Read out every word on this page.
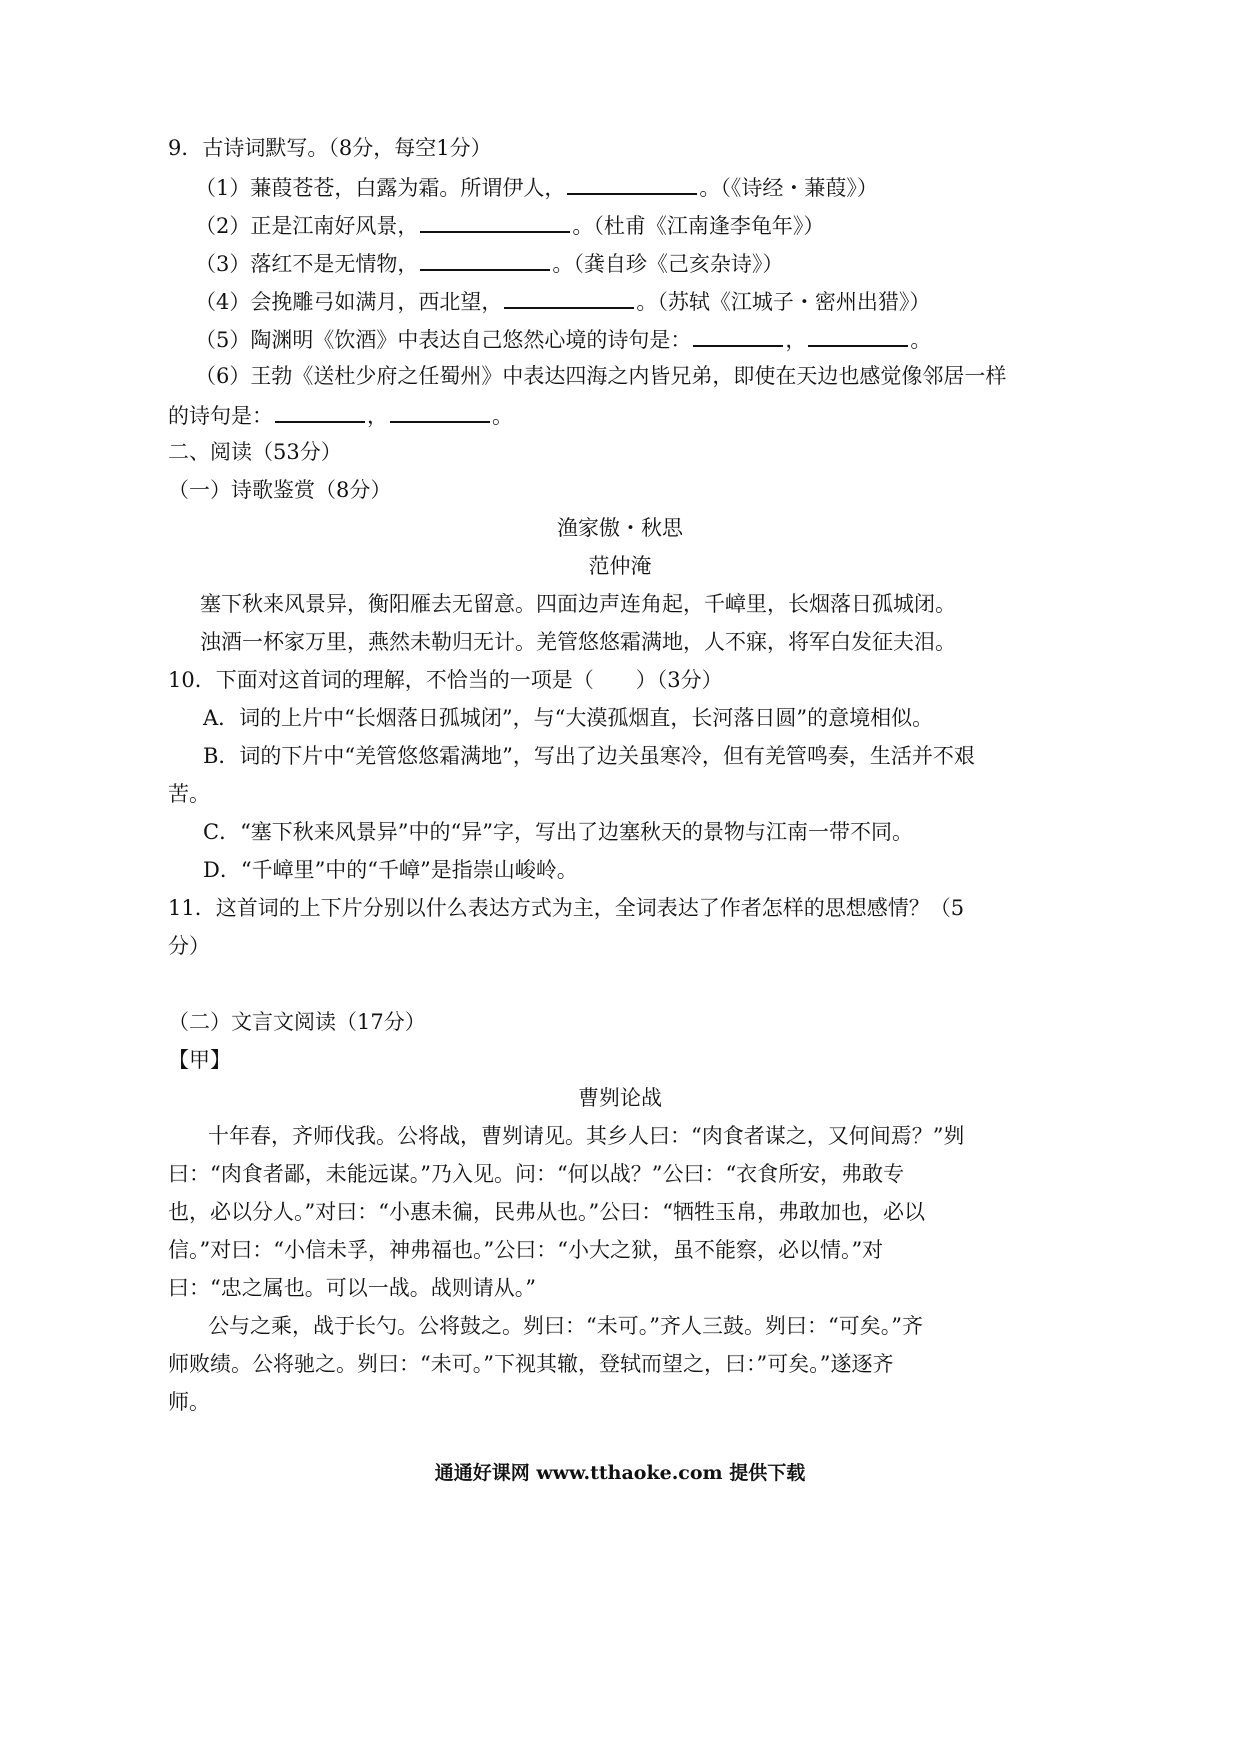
9．古诗词默写。（8分，每空1分）
（1）蒹葭苍苍，白露为霜。所谓伊人，	。（《诗经・蒹葭》）
（2）正是江南好风景，	。（杜甫《江南逢李龟年》）
（3）落红不是无情物，	。（龚自珍《己亥杂诗》）
（4）会挽雕弓如满月，西北望，	。（苏轼《江城子・密州出猎》）
（5）陶渊明《饮酒》中表达自己悠然心境的诗句是：	，	。
（6）王勃《送杜少府之任蜀州》中表达四海之内皆兄弟，即使在天边也感觉像邻居一样
的诗句是：	，	。
二、阅读（53分）
（一）诗歌鉴赏（8分）
渔家傲・秋思
范仲淹
塞下秋来风景异，衡阳雁去无留意。四面边声连角起，千嶂里，长烟落日孤城闭。
浊酒一杯家万里，燕然未勒归无计。羌管悠悠霜满地，人不寐，将军白发征夫泪。
10．下面对这首词的理解，不恰当的一项是（　　）（3分）
A．词的上片中“长烟落日孤城闭”，与“大漠孤烟直，长河落日圆”的意境相似。
B．词的下片中“羌管悠悠霜满地”，写出了边关虽寒冷，但有羌管鸣奏，生活并不艰
苦。
C．“塞下秋来风景异”中的“异”字，写出了边塞秋天的景物与江南一带不同。
D．“千嶂里”中的“千嶂”是指崇山峻岭。
11．这首词的上下片分别以什么表达方式为主，全词表达了作者怎样的思想感情？（5
分）
（二）文言文阅读（17分）
【甲】
曹刿论战
十年春，齐师伐我。公将战，曹刿请见。其乡人曰：“肉食者谋之，又何间焉？”刿
曰：“肉食者鄙，未能远谋。”乃入见。问：“何以战？”公曰：“衣食所安，弗敢专
也，必以分人。”对曰：“小惠未徧，民弗从也。”公曰：“牺牲玉帛，弗敢加也，必以
信。”对曰：“小信未孚，神弗福也。”公曰：“小大之狱，虽不能察，必以情。”对
曰：“忠之属也。可以一战。战则请从。”
公与之乘，战于长勺。公将鼓之。刿曰：“未可。”齐人三鼓。刿曰：“可矣。”齐
师败绩。公将驰之。刿曰：“未可。”下视其辙，登轼而望之，曰：”可矣。”遂逐齐
师。
通通好课网 www.tthaoke.com 提供下载
